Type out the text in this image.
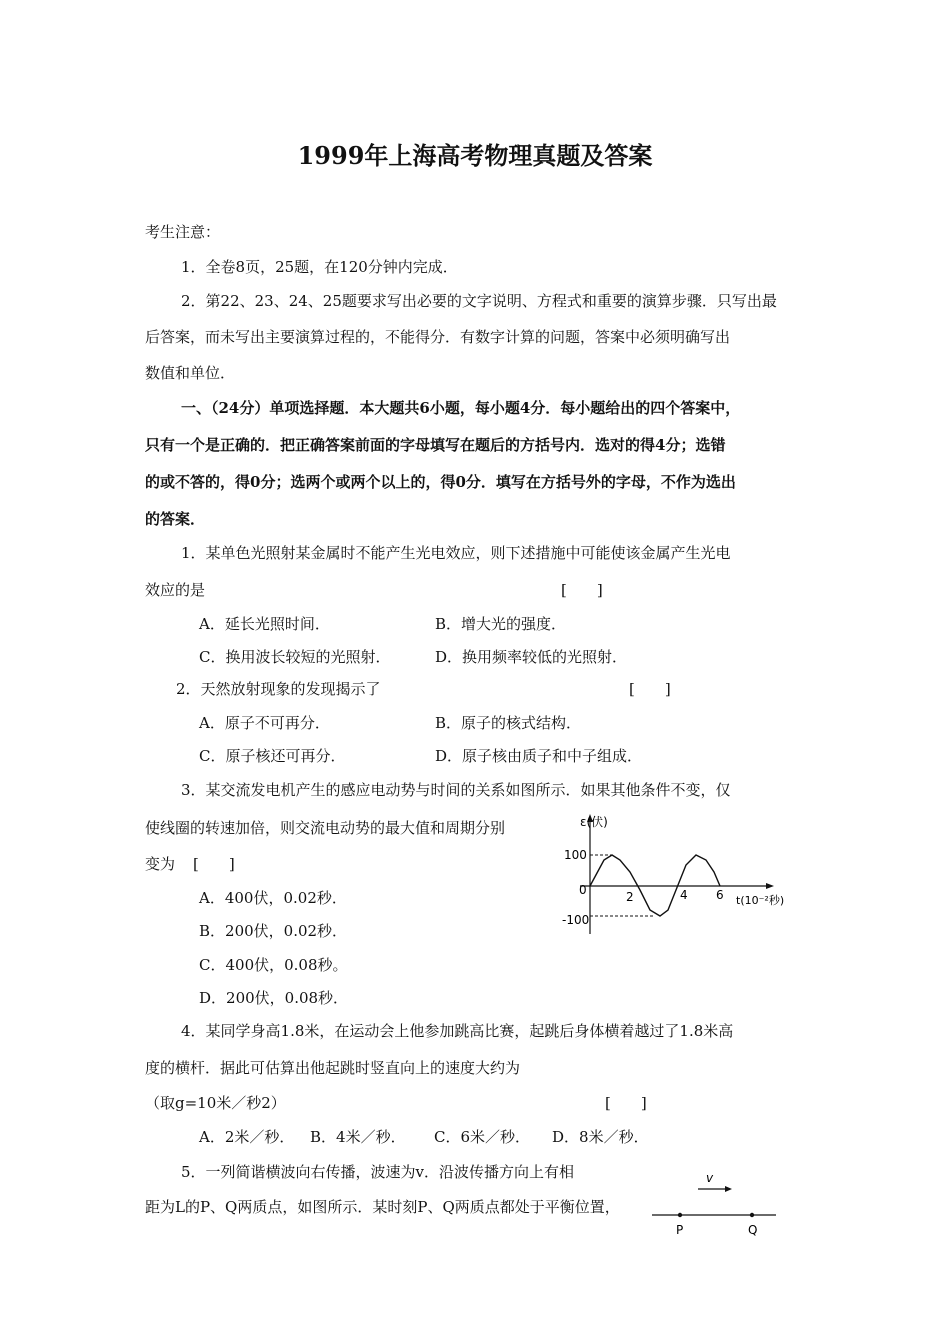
1999年上海高考物理真题及答案
考生注意：
1．全卷8页，25题，在120分钟内完成．
2．第22、23、24、25题要求写出必要的文字说明、方程式和重要的演算步骤．只写出最
后答案，而未写出主要演算过程的，不能得分．有数字计算的问题，答案中必须明确写出
数值和单位．
一、（24分）单项选择题．本大题共6小题，每小题4分．每小题给出的四个答案中，
只有一个是正确的．把正确答案前面的字母填写在题后的方括号内．选对的得4分；选错
的或不答的，得0分；选两个或两个以上的，得0分．填写在方括号外的字母，不作为选出
的答案．
1．某单色光照射某金属时不能产生光电效应，则下述措施中可能使该金属产生光电
效应的是	[　　]
A．延长光照时间．	B．增大光的强度．
C．换用波长较短的光照射．	D．换用频率较低的光照射．
2．天然放射现象的发现揭示了	[　　]
A．原子不可再分．	B．原子的核式结构．
C．原子核还可再分．	D．原子核由质子和中子组成．
3．某交流发电机产生的感应电动势与时间的关系如图所示．如果其他条件不变，仅
使线圈的转速加倍，则交流电动势的最大值和周期分别
变为 [　　]
A．400伏，0.02秒．
B．200伏，0.02秒．
C．400伏，0.08秒。
D．200伏，0.08秒．
ε(伏)
100
0
-100
2	4 6 t(10⁻²秒)
4．某同学身高1.8米，在运动会上他参加跳高比赛，起跳后身体横着越过了1.8米高
度的横杆．据此可估算出他起跳时竖直向上的速度大约为
（取g=10米／秒2）	[　　]
A．2米／秒． B．4米／秒． C．6米／秒． D．8米／秒．
5．一列简谐横波向右传播，波速为v．沿波传播方向上有相
距为L的P、Q两质点，如图所示．某时刻P、Q两质点都处于平衡位置，
v
P	Q
